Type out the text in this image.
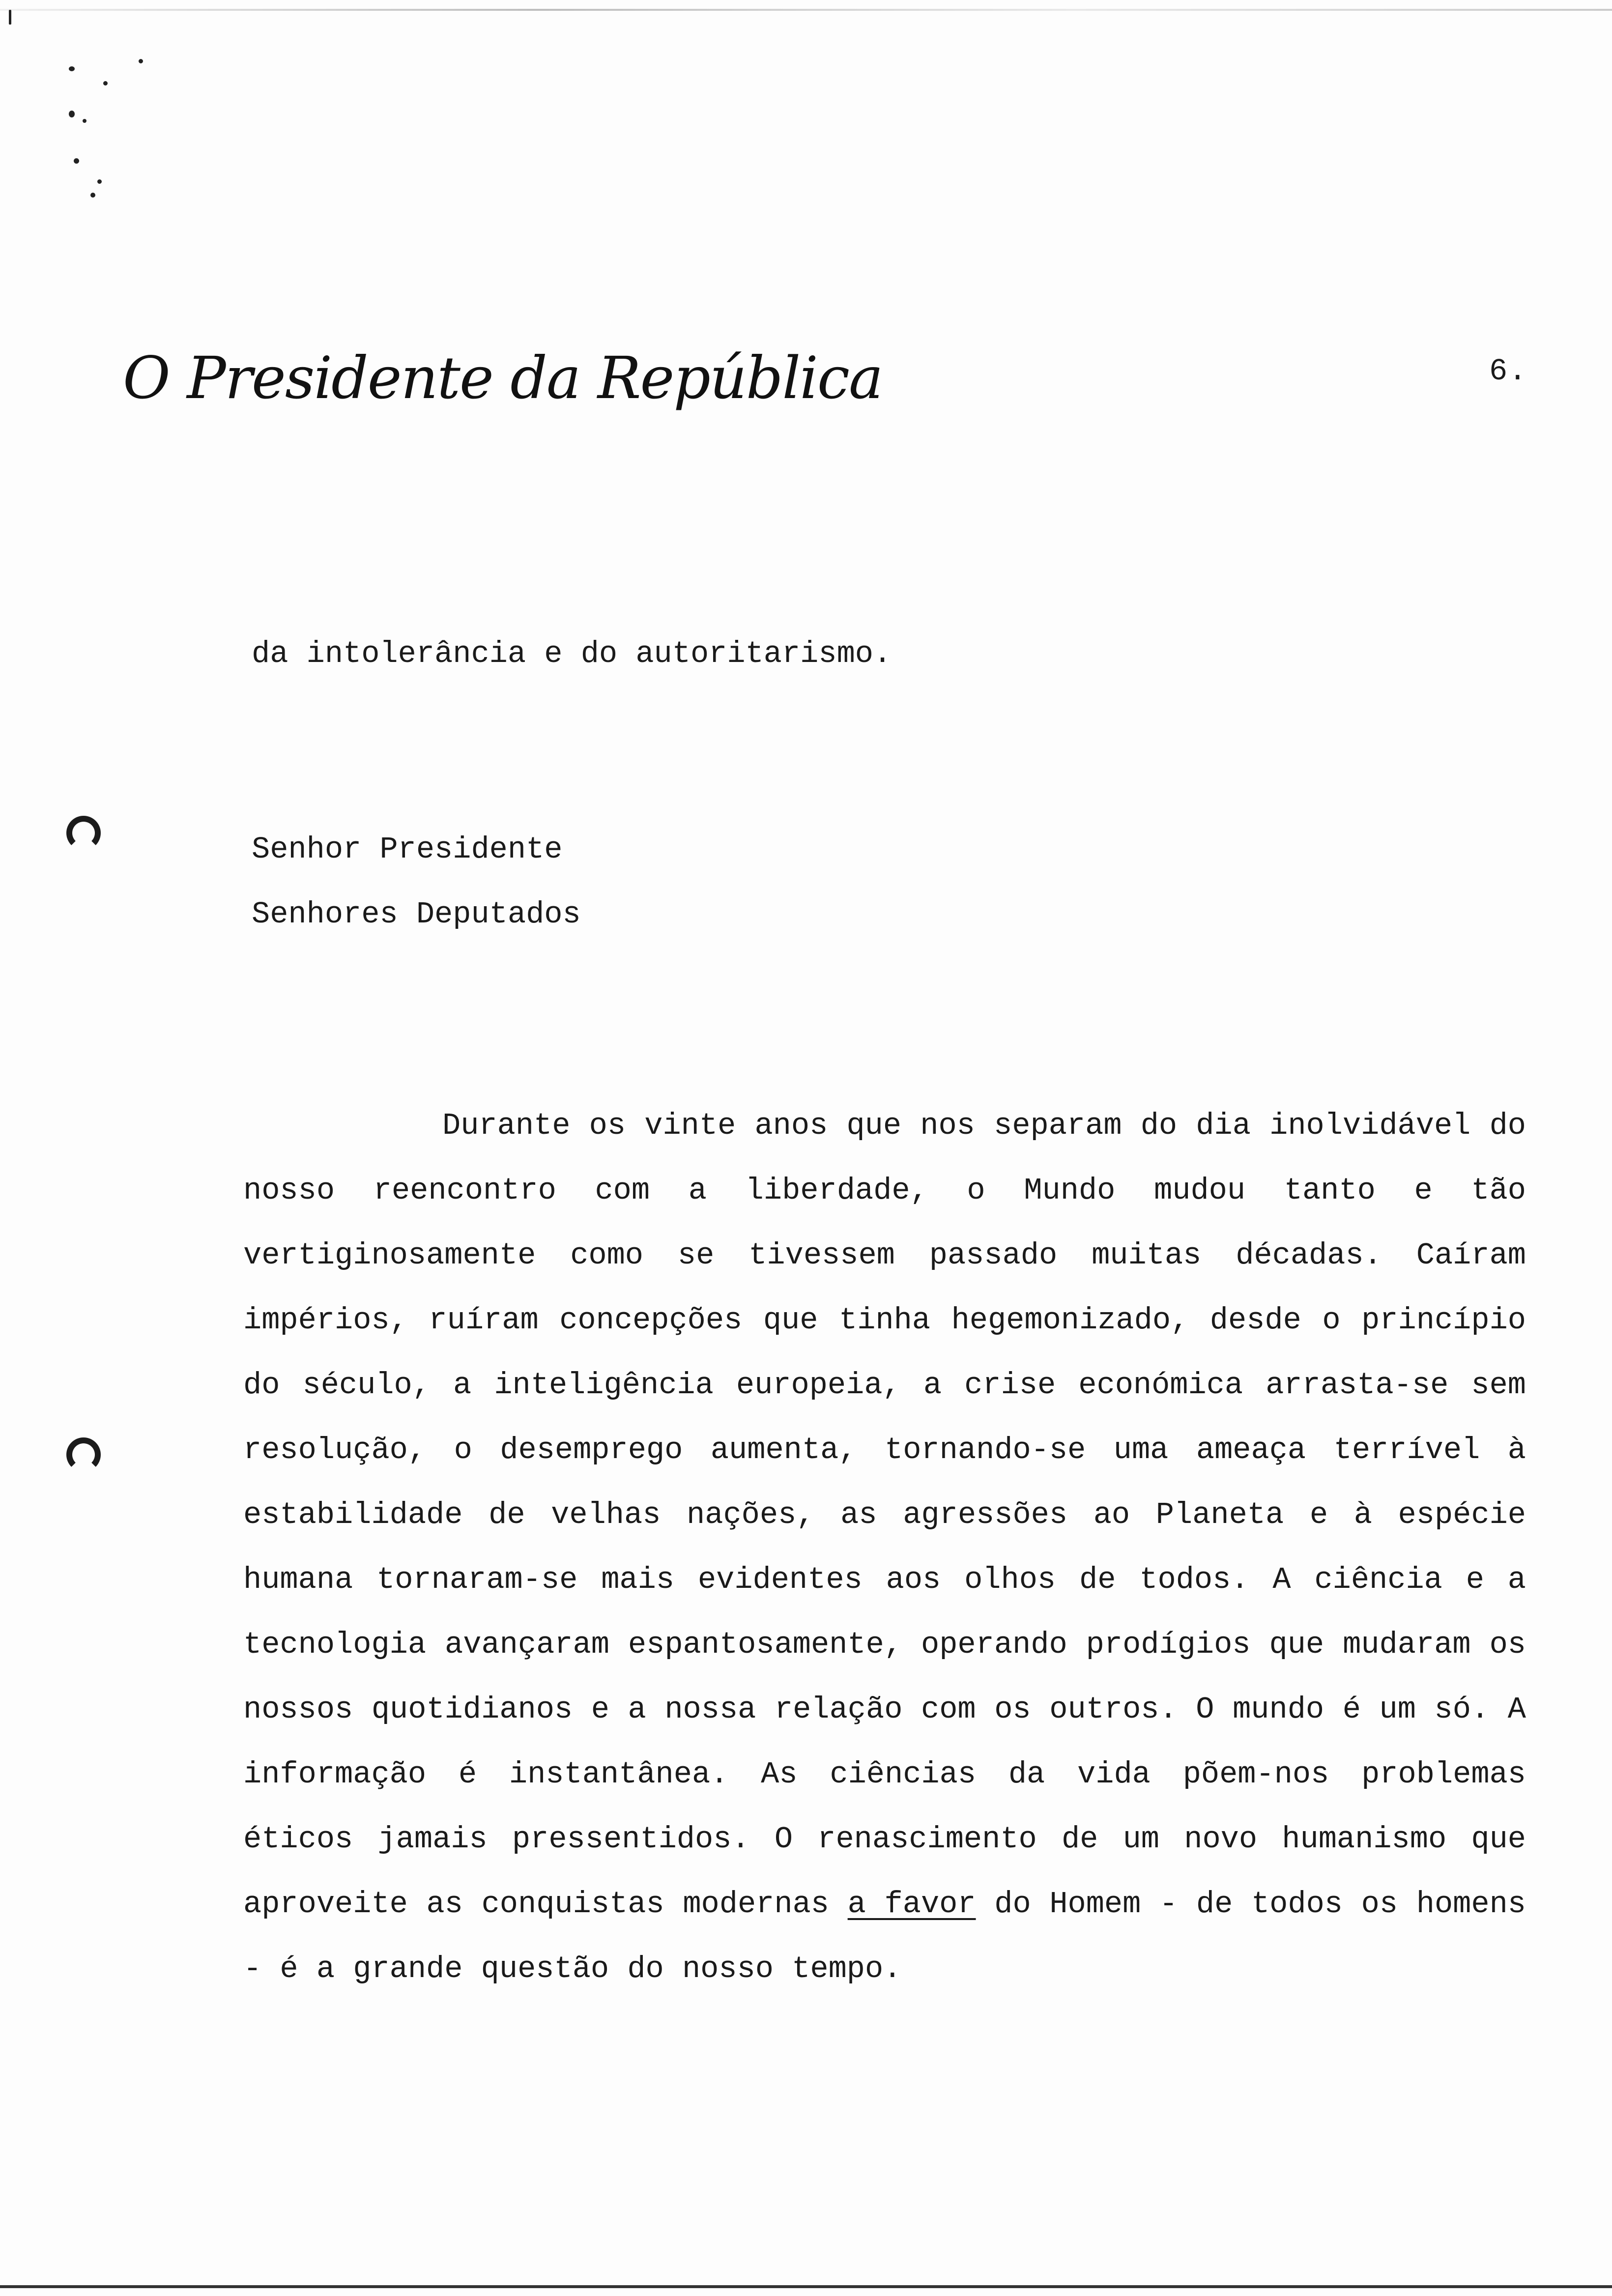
O Presidente da República	6.
da intolerância e do autoritarismo.
Senhor Presidente
Senhores Deputados

Durante os vinte anos que nos separam do dia inolvidável do nosso reencontro com a liberdade, o Mundo mudou tanto e tão vertiginosamente como se tivessem passado muitas décadas. Caíram impérios, ruíram concepções que tinha hegemonizado, desde o princípio do século, a inteligência europeia, a crise económica arrasta-se sem resolução, o desemprego aumenta, tornando-se uma ameaça terrível à estabilidade de velhas nações, as agressões ao Planeta e à espécie humana tornaram-se mais evidentes aos olhos de todos. A ciência e a tecnologia avançaram espantosamente, operando prodígios que mudaram os nossos quotidianos e a nossa relação com os outros. O mundo é um só. A informação é instantânea. As ciências da vida põem-nos problemas éticos jamais pressentidos. O renascimento de um novo humanismo que aproveite as conquistas modernas a favor do Homem - de todos os homens - é a grande questão do nosso tempo.
